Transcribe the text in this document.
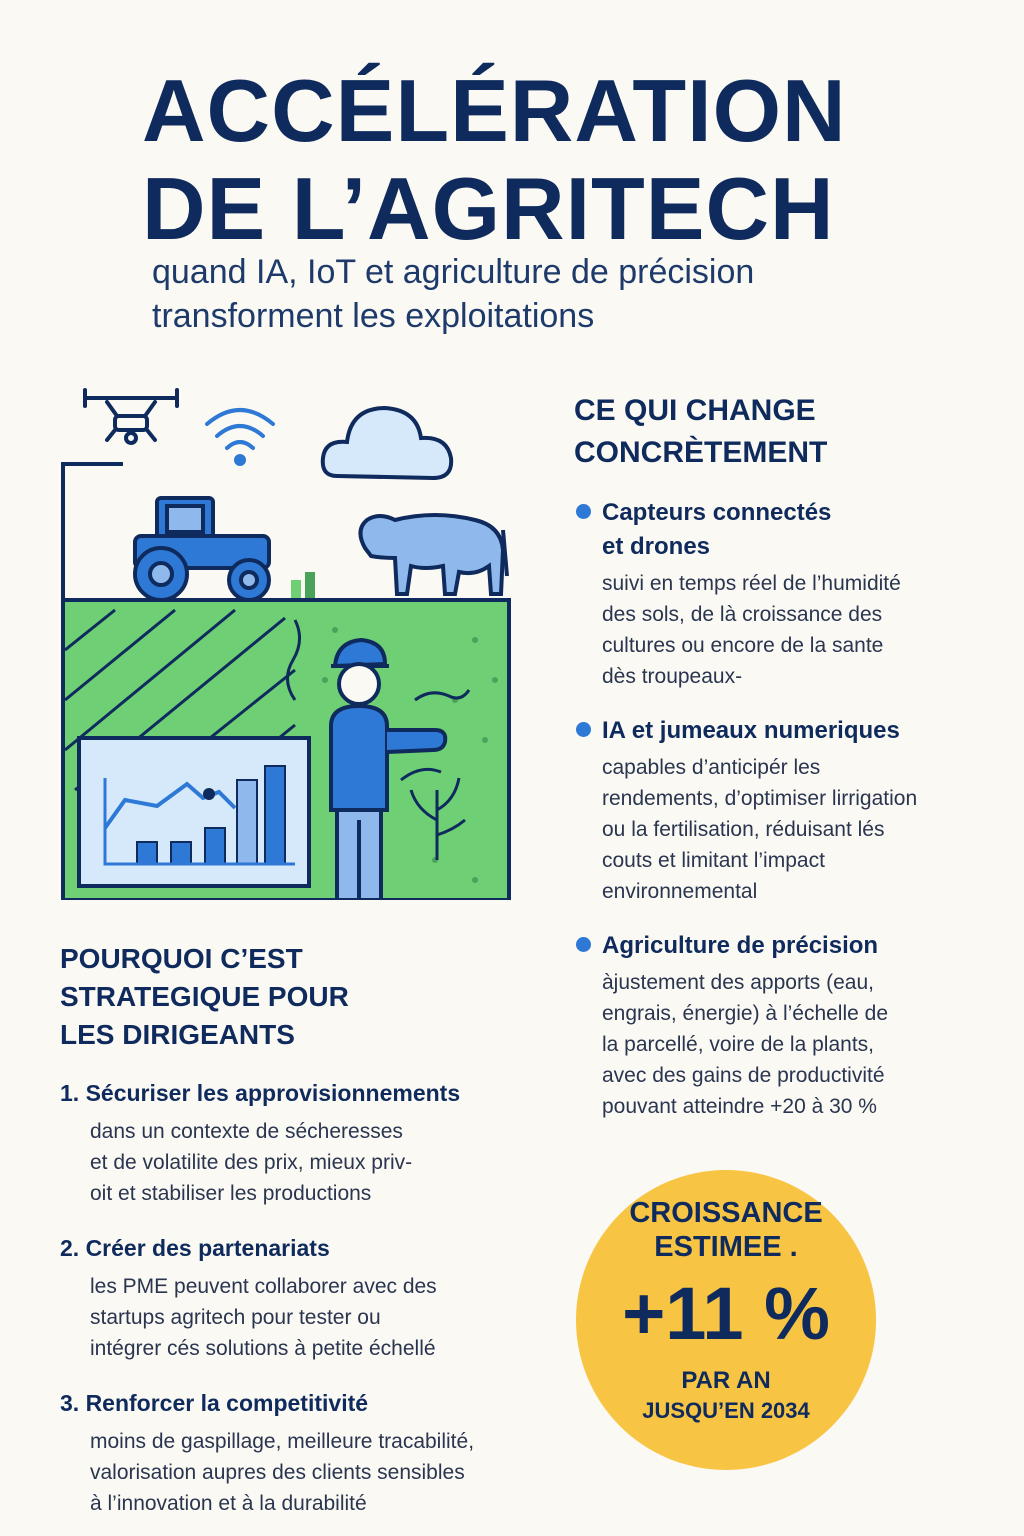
ACCÉLÉRATION
DE L’AGRITECH

quand IA, IoT et agriculture de précision
transforment les exploitations

CE QUI CHANGE
CONCRÈTEMENT
Capteurs connectés
et drones

suivi en temps réel de l’humidité
des sols, de là croissance des
cultures ou encore de la sante
dès troupeaux-

IA et jumeaux numeriques

capables d’anticipér les
rendements, d’optimiser lirrigation
ou la fertilisation, réduisant lés
couts et limitant l’impact
environnemental

Agriculture de précision

àjustement des apports (eau,
engrais, énergie) à l’échelle de
la parcellé, voire de la plants,
avec des gains de productivité
pouvant atteindre +20 à 30 %

POURQUOI C’EST
STRATEGIQUE POUR
LES DIRIGEANTS
1. Sécuriser les approvisionnements

dans un contexte de sécheresses
et de volatilite des prix, mieux priv-
oit et stabiliser les productions

2. Créer des partenariats

les PME peuvent collaborer avec des
startups agritech pour tester ou
intégrer cés solutions à petite échellé

3. Renforcer la competitivité

moins de gaspillage, meilleure tracabilité,
valorisation aupres des clients sensibles
à l’innovation et à la durabilité

CROISSANCE
ESTIMEE .
+11 %
PAR AN
JUSQU’EN 2034
